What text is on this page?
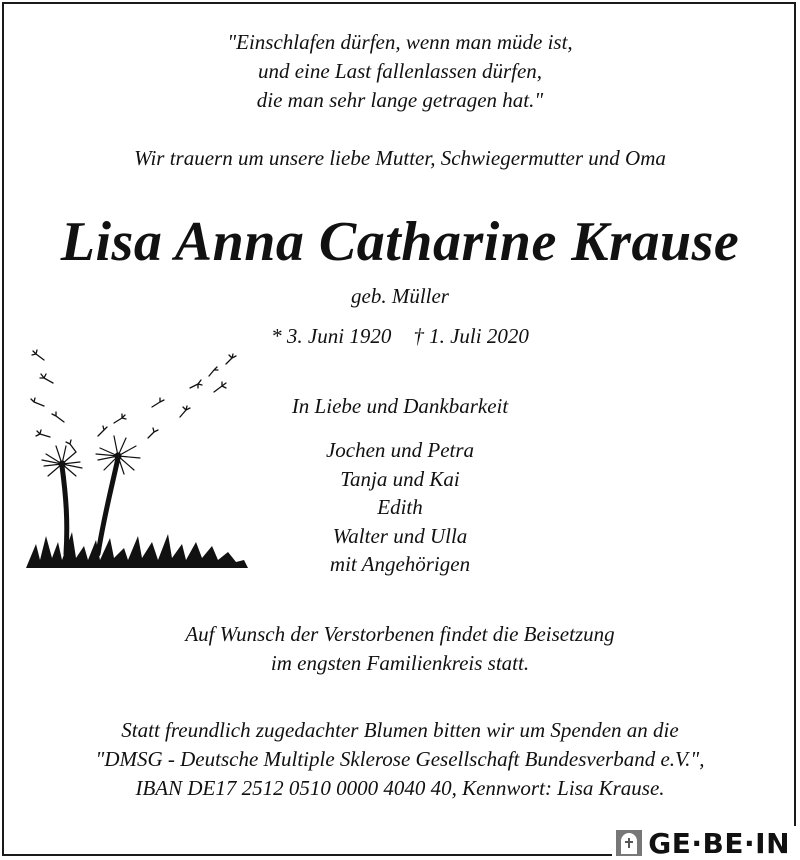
"Einschlafen dürfen, wenn man müde ist,
und eine Last fallenlassen dürfen,
die man sehr lange getragen hat."
Wir trauern um unsere liebe Mutter, Schwiegermutter und Oma
Lisa Anna Catharine Krause
geb. Müller
* 3. Juni 1920 † 1. Juli 2020
In Liebe und Dankbarkeit
Jochen und Petra
Tanja und Kai
Edith
Walter und Ulla
mit Angehörigen
Auf Wunsch der Verstorbenen findet die Beisetzung
im engsten Familienkreis statt.
Statt freundlich zugedachter Blumen bitten wir um Spenden an die
"DMSG - Deutsche Multiple Sklerose Gesellschaft Bundesverband e.V.",
IBAN DE17 2512 0510 0000 4040 40, Kennwort: Lisa Krause.
GE·BE·IN
